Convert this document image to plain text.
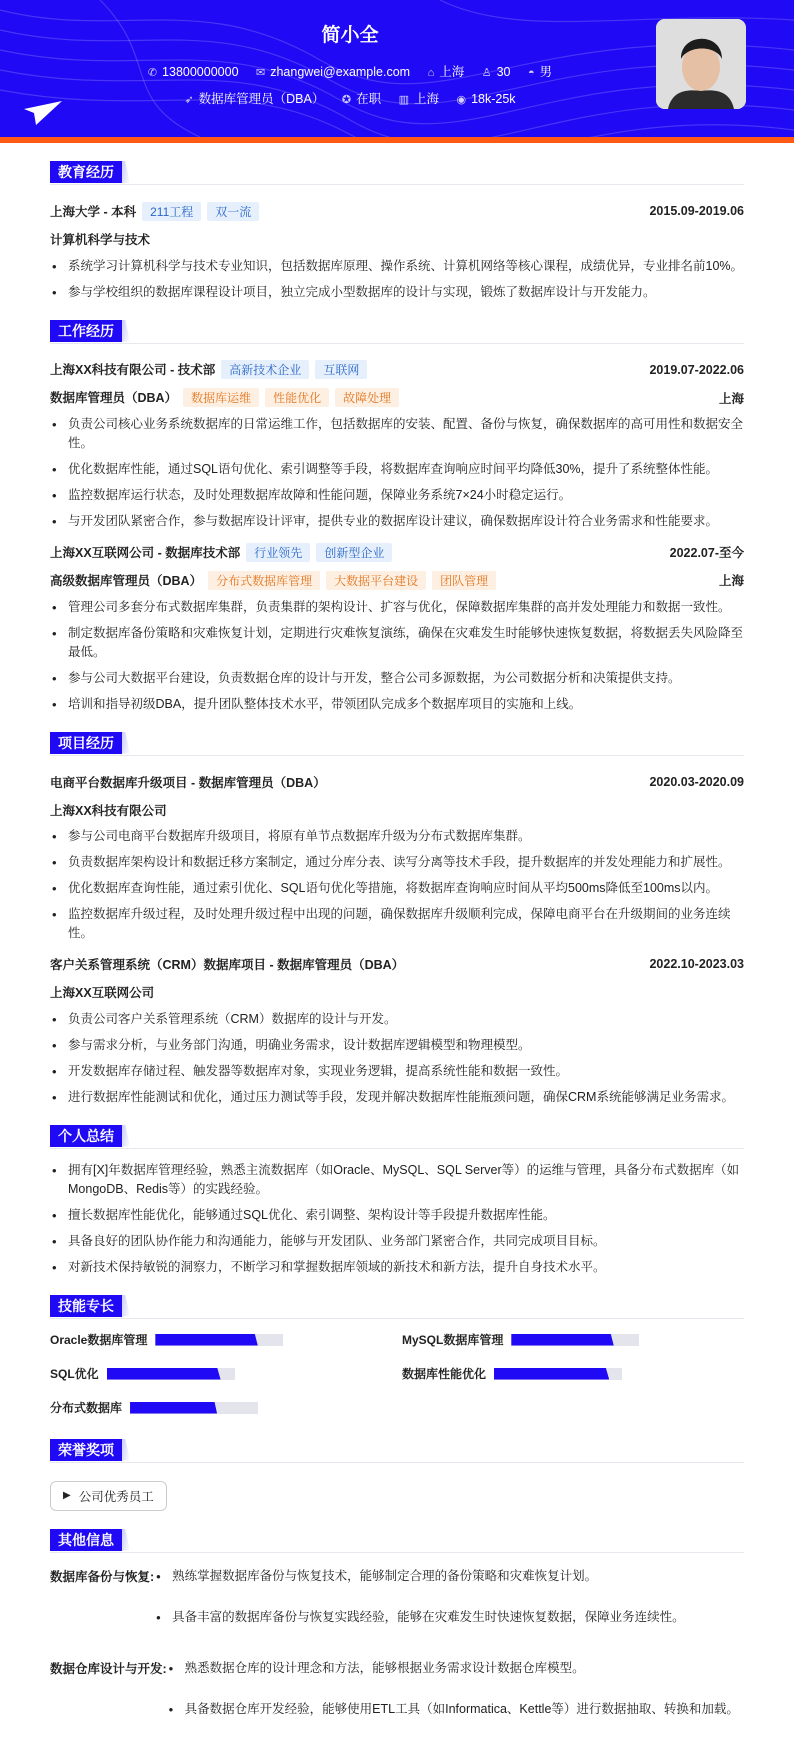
简小全
✆ 13800000000 ✉ zhangwei@example.com ⌂ 上海 ♙ 30 ◓ 男
➶ 数据库管理员（DBA） ✪ 在职 ▥ 上海 ◉ 18k-25k
教育经历
上海大学 - 本科 211工程 双一流	2015.09-2019.06
计算机科学与技术
• 系统学习计算机科学与技术专业知识，包括数据库原理、操作系统、计算机网络等核心课程，成绩优异，专业排名前10%。
• 参与学校组织的数据库课程设计项目，独立完成小型数据库的设计与实现，锻炼了数据库设计与开发能力。
工作经历
上海XX科技有限公司 - 技术部 高新技术企业 互联网	2019.07-2022.06
数据库管理员（DBA） 数据库运维 性能优化 故障处理	上海
• 负责公司核心业务系统数据库的日常运维工作，包括数据库的安装、配置、备份与恢复，确保数据库的高可用性和数据安全性。
• 优化数据库性能，通过SQL语句优化、索引调整等手段，将数据库查询响应时间平均降低30%，提升了系统整体性能。
• 监控数据库运行状态，及时处理数据库故障和性能问题，保障业务系统7×24小时稳定运行。
• 与开发团队紧密合作，参与数据库设计评审，提供专业的数据库设计建议，确保数据库设计符合业务需求和性能要求。
上海XX互联网公司 - 数据库技术部 行业领先 创新型企业	2022.07-至今
高级数据库管理员（DBA） 分布式数据库管理 大数据平台建设 团队管理	上海
• 管理公司多套分布式数据库集群，负责集群的架构设计、扩容与优化，保障数据库集群的高并发处理能力和数据一致性。
• 制定数据库备份策略和灾难恢复计划，定期进行灾难恢复演练，确保在灾难发生时能够快速恢复数据，将数据丢失风险降至最低。
• 参与公司大数据平台建设，负责数据仓库的设计与开发，整合公司多源数据，为公司数据分析和决策提供支持。
• 培训和指导初级DBA，提升团队整体技术水平，带领团队完成多个数据库项目的实施和上线。
项目经历
电商平台数据库升级项目 - 数据库管理员（DBA）	2020.03-2020.09
上海XX科技有限公司
• 参与公司电商平台数据库升级项目，将原有单节点数据库升级为分布式数据库集群。
• 负责数据库架构设计和数据迁移方案制定，通过分库分表、读写分离等技术手段，提升数据库的并发处理能力和扩展性。
• 优化数据库查询性能，通过索引优化、SQL语句优化等措施，将数据库查询响应时间从平均500ms降低至100ms以内。
• 监控数据库升级过程，及时处理升级过程中出现的问题，确保数据库升级顺利完成，保障电商平台在升级期间的业务连续性。
客户关系管理系统（CRM）数据库项目 - 数据库管理员（DBA）	2022.10-2023.03
上海XX互联网公司
• 负责公司客户关系管理系统（CRM）数据库的设计与开发。
• 参与需求分析，与业务部门沟通，明确业务需求，设计数据库逻辑模型和物理模型。
• 开发数据库存储过程、触发器等数据库对象，实现业务逻辑，提高系统性能和数据一致性。
• 进行数据库性能测试和优化，通过压力测试等手段，发现并解决数据库性能瓶颈问题，确保CRM系统能够满足业务需求。
个人总结
• 拥有[X]年数据库管理经验，熟悉主流数据库（如Oracle、MySQL、SQL Server等）的运维与管理，具备分布式数据库（如MongoDB、Redis等）的实践经验。
• 擅长数据库性能优化，能够通过SQL优化、索引调整、架构设计等手段提升数据库性能。
• 具备良好的团队协作能力和沟通能力，能够与开发团队、业务部门紧密合作，共同完成项目目标。
• 对新技术保持敏锐的洞察力，不断学习和掌握数据库领域的新技术和新方法，提升自身技术水平。
技能专长
Oracle数据库管理	MySQL数据库管理
SQL优化	数据库性能优化
分布式数据库
荣誉奖项
▶ 公司优秀员工
其他信息
数据库备份与恢复:	• 熟练掌握数据库备份与恢复技术，能够制定合理的备份策略和灾难恢复计划。
• 具备丰富的数据库备份与恢复实践经验，能够在灾难发生时快速恢复数据，保障业务连续性。
数据仓库设计与开发:	• 熟悉数据仓库的设计理念和方法，能够根据业务需求设计数据仓库模型。
• 具备数据仓库开发经验，能够使用ETL工具（如Informatica、Kettle等）进行数据抽取、转换和加载。
